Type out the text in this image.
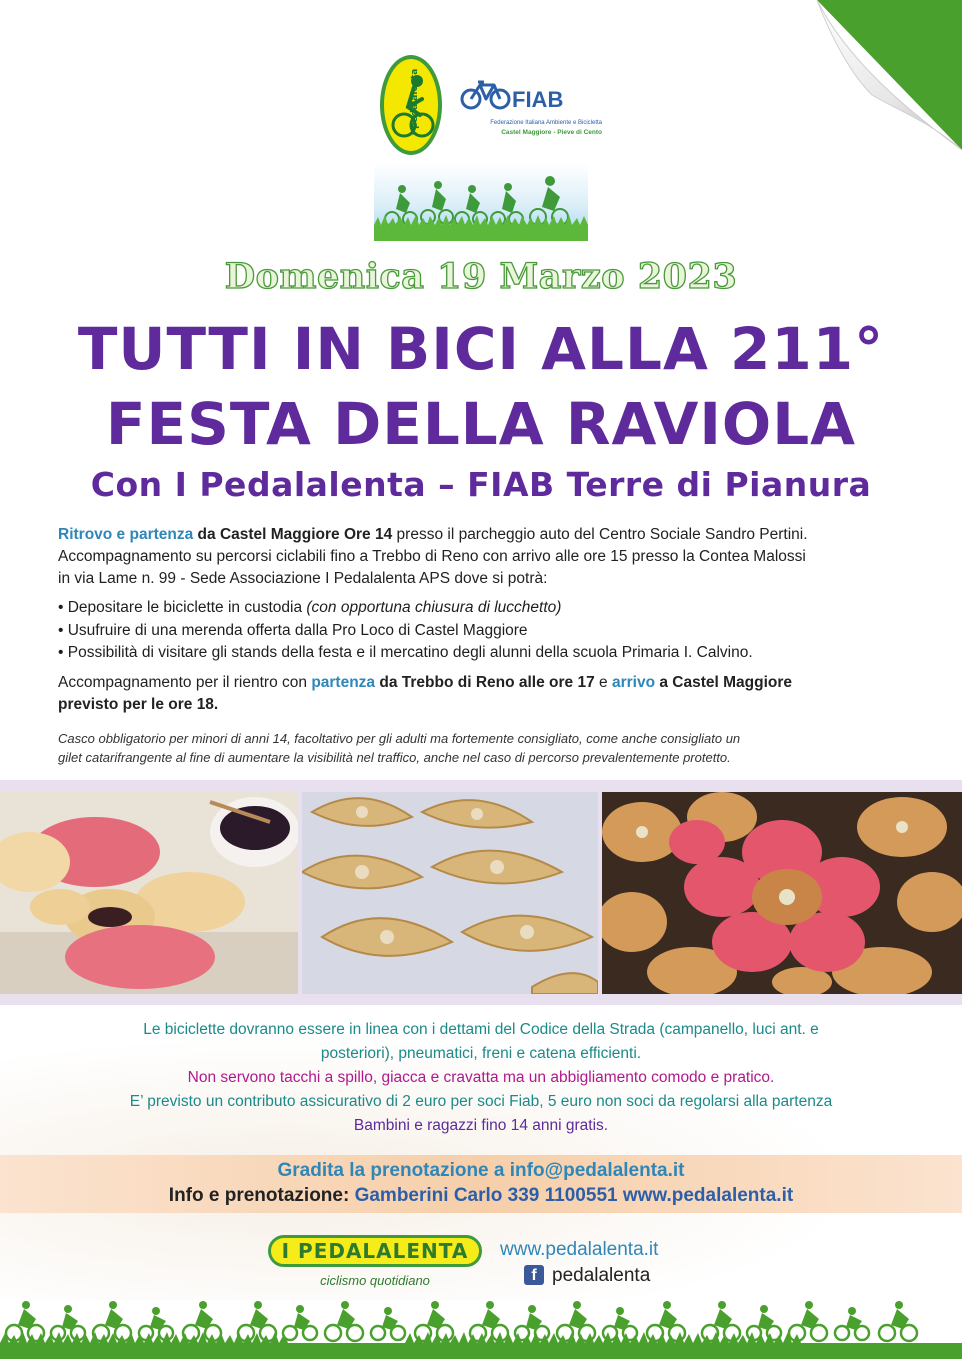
I pedalalenta	FIAB
Federazione Italiana Ambiente e Bicicletta
Castel Maggiore - Pieve di Cento
Domenica 19 Marzo 2023
TUTTI IN BICI ALLA 211°
FESTA DELLA RAVIOLA
Con I Pedalalenta – FIAB Terre di Pianura
Ritrovo e partenza da Castel Maggiore Ore 14 presso il parcheggio auto del Centro Sociale Sandro Pertini.
Accompagnamento su percorsi ciclabili fino a Trebbo di Reno con arrivo alle ore 15 presso la Contea Malossi
in via Lame n. 99 - Sede Associazione I Pedalalenta APS dove si potrà:
• Depositare le biciclette in custodia (con opportuna chiusura di lucchetto)
• Usufruire di una merenda offerta dalla Pro Loco di Castel Maggiore
• Possibilità di visitare gli stands della festa e il mercatino degli alunni della scuola Primaria I. Calvino.
Accompagnamento per il rientro con partenza da Trebbo di Reno alle ore 17 e arrivo a Castel Maggiore
previsto per le ore 18.
Casco obbligatorio per minori di anni 14, facoltativo per gli adulti ma fortemente consigliato, come anche consigliato un
gilet catarifrangente al fine di aumentare la visibilità nel traffico, anche nel caso di percorso prevalentemente protetto.
Le biciclette dovranno essere in linea con i dettami del Codice della Strada (campanello, luci ant. e
posteriori), pneumatici, freni e catena efficienti.
Non servono tacchi a spillo, giacca e cravatta ma un abbigliamento comodo e pratico.
E’ previsto un contributo assicurativo di 2 euro per soci Fiab, 5 euro non soci da regolarsi alla partenza
Bambini e ragazzi fino 14 anni gratis.
Gradita la prenotazione a info@pedalalenta.it
Info e prenotazione: Gamberini Carlo 339 1100551 www.pedalalenta.it
I PEDALALENTA
ciclismo quotidiano
www.pedalalenta.it
f pedalalenta
